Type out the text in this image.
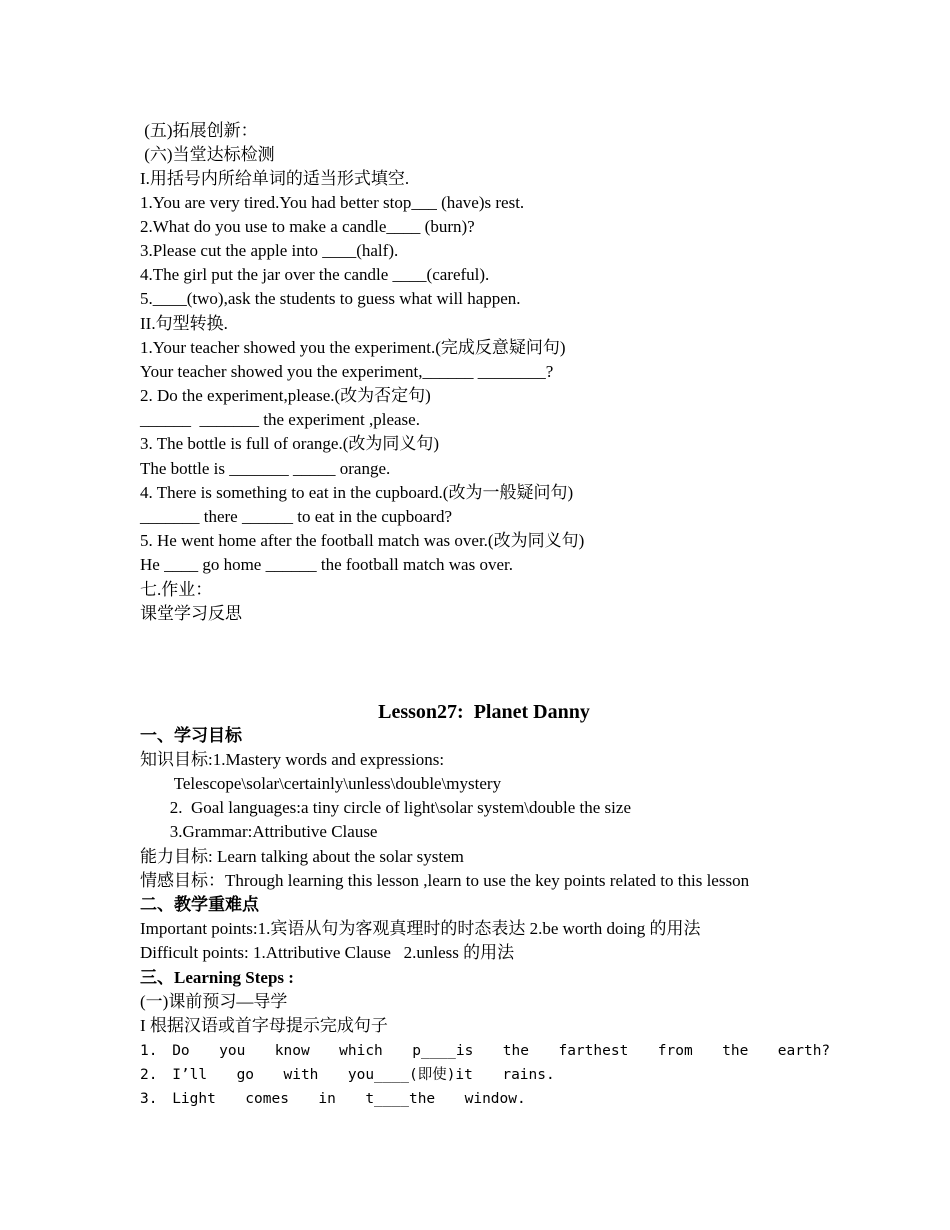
(五)拓展创新：
(六)当堂达标检测
I.用括号内所给单词的适当形式填空.
1.You are very tired.You had better stop___ (have)s rest.
2.What do you use to make a candle____ (burn)?
3.Please cut the apple into ____(half).
4.The girl put the jar over the candle ____(careful).
5.____(two),ask the students to guess what will happen.
II.句型转换.
1.Your teacher showed you the experiment.(完成反意疑问句)
Your teacher showed you the experiment,______ ________?
2. Do the experiment,please.(改为否定句)
______  _______ the experiment ,please.
3. The bottle is full of orange.(改为同义句)
The bottle is _______ _____ orange.
4. There is something to eat in the cupboard.(改为一般疑问句)
_______ there ______ to eat in the cupboard?
5. He went home after the football match was over.(改为同义句)
He ____ go home ______ the football match was over.
七.作业：
课堂学习反思
Lesson27:  Planet Danny
一、学习目标
知识目标:1.Mastery words and expressions:
Telescope\solar\certainly\unless\double\mystery
2.  Goal languages:a tiny circle of light\solar system\double the size
3.Grammar:Attributive Clause
能力目标: Learn talking about the solar system
情感目标：Through learning this lesson ,learn to use the key points related to this lesson
二、教学重难点
Important points:1.宾语从句为客观真理时的时态表达 2.be worth doing 的用法
Difficult points: 1.Attributive Clause   2.unless 的用法
三、Learning Steps :
(一)课前预习—导学
I 根据汉语或首字母提示完成句子
1. Do  you  know  which  p____is  the  farthest  from  the  earth?
2. I’ll  go  with  you____(即使)it  rains.
3. Light  comes  in  t____the  window.
